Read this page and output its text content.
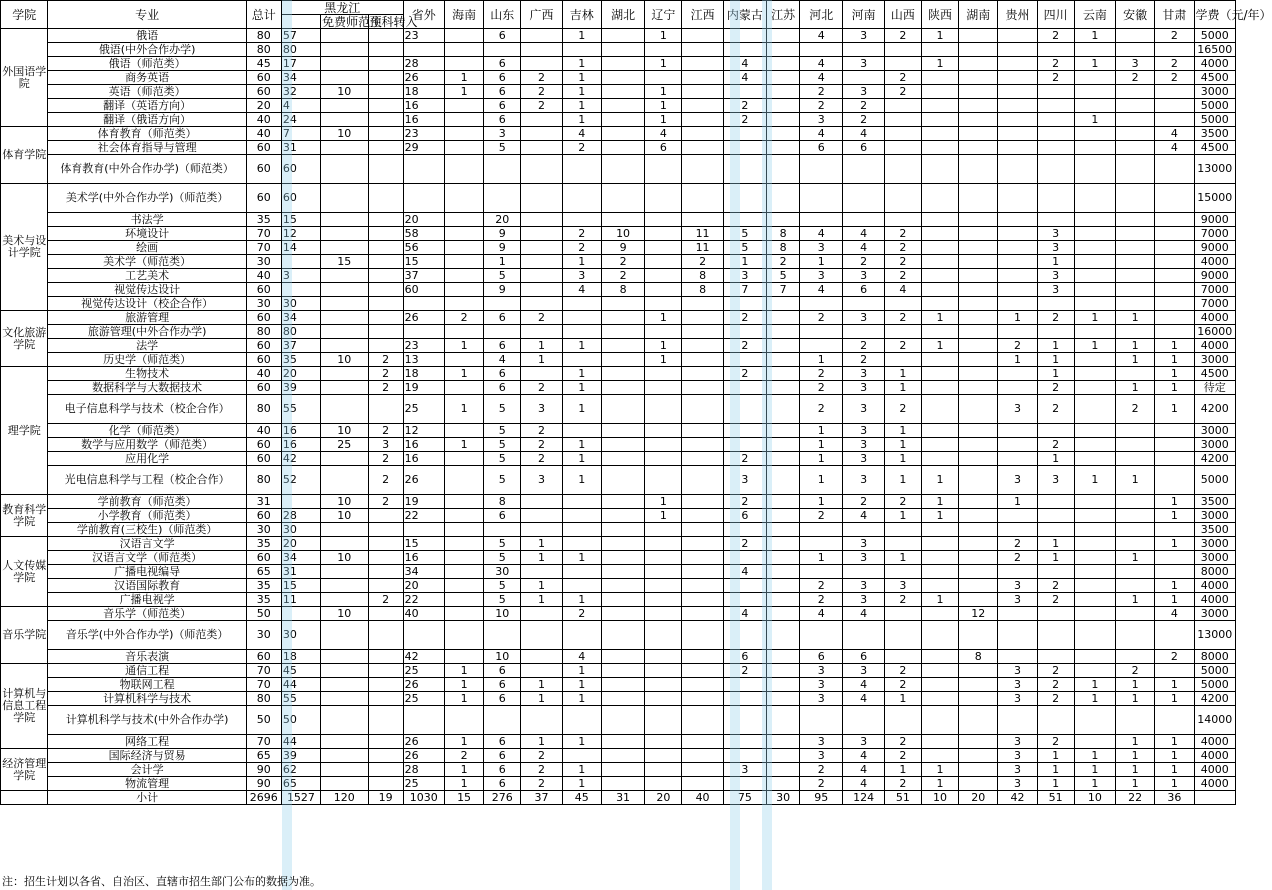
学院	专业	总计	黑龙江			省外	海南	山东	广西	吉林	湖北	辽宁	江西	内蒙古	江苏	河北	河南	山西	陕西	湖南	贵州	四川	云南	安徽	甘肃	学费（元/年）
				免费师范生	预科转入																					
外国语学院	俄语	80	57			23		6		1		1				4	3	2	1			2	1		2	5000
	俄语(中外合作办学)	80	80																							16500
	俄语（师范类）	45	17			28		6		1		1		4		4	3		1			2	1	3	2	4000
	商务英语	60	34			26	1	6	2	1				4		4		2				2		2	2	4500
	英语（师范类）	60	32	10		18	1	6	2	1		1				2	3	2								3000
	翻译（英语方向）	20	4			16		6	2	1		1		2		2	2									5000
	翻译（俄语方向）	40	24			16		6		1		1		2		3	2						1			5000
体育学院	体育教育（师范类）	40	7	10		23		3		4		4				4	4								4	3500
	社会体育指导与管理	60	31			29		5		2		6				6	6								4	4500
	体育教育(中外合作办学)（师范类）	60	60																							13000
美术与设计学院	美术学(中外合作办学)（师范类）	60	60																							15000
	书法学	35	15			20		20																		9000
	环境设计	70	12			58		9		2	10		11	5	8	4	4	2				3				7000
	绘画	70	14			56		9		2	9		11	5	8	3	4	2				3				9000
	美术学（师范类）	30		15		15		1		1	2		2	1	2	1	2	2				1				4000
	工艺美术	40	3			37		5		3	2		8	3	5	3	3	2				3				9000
	视觉传达设计	60				60		9		4	8		8	7	7	4	6	4				3				7000
	视觉传达设计（校企合作）	30	30																							7000
文化旅游学院	旅游管理	60	34			26	2	6	2			1		2		2	3	2	1		1	2	1	1		4000
	旅游管理(中外合作办学)	80	80																							16000
	法学	60	37			23	1	6	1	1		1		2			2	2	1		2	1	1	1	1	4000
	历史学（师范类）	60	35	10	2	13		4	1			1				1	2				1	1		1	1	3000
理学院	生物技术	40	20		2	18	1	6		1				2		2	3	1				1			1	4500
	数据科学与大数据技术	60	39		2	19		6	2	1						2	3	1				2		1	1	待定
	电子信息科学与技术（校企合作）	80	55			25	1	5	3	1						2	3	2			3	2		2	1	4200
	化学（师范类）	40	16	10	2	12		5	2							1	3	1								3000
	数学与应用数学（师范类）	60	16	25	3	16	1	5	2	1						1	3	1				2				3000
	应用化学	60	42		2	16		5	2	1				2		1	3	1				1				4200
	光电信息科学与工程（校企合作）	80	52		2	26		5	3	1				3		1	3	1	1		3	3	1	1		5000
教育科学学院	学前教育（师范类）	31		10	2	19		8				1		2		1	2	2	1		1				1	3500
	小学教育（师范类）	60	28	10		22		6				1		6		2	4	1	1						1	3000
	学前教育(三校生)（师范类）	30	30																							3500
人文传媒学院	汉语言文学	35	20			15		5	1					2			3				2	1			1	3000
	汉语言文学（师范类）	60	34	10		16		5	1	1						1	3	1			2	1		1		3000
	广播电视编导	65	31			34		30						4												8000
	汉语国际教育	35	15			20		5	1							2	3	3			3	2			1	4000
	广播电视学	35	11		2	22		5	1	1						2	3	2	1		3	2		1	1	4000
音乐学院	音乐学（师范类）	50		10		40		10		2				4		4	4			12					4	3000
	音乐学(中外合作办学)（师范类）	30	30																							13000
	音乐表演	60	18			42		10		4				6		6	6			8					2	8000
计算机与信息工程学院	通信工程	70	45			25	1	6		1				2		3	3	2			3	2		2		5000
	物联网工程	70	44			26	1	6	1	1						3	4	2			3	2	1	1	1	5000
	计算机科学与技术	80	55			25	1	6	1	1						3	4	1			3	2	1	1	1	4200
	计算机科学与技术(中外合作办学)	50	50																							14000
	网络工程	70	44			26	1	6	1	1						3	3	2			3	2		1	1	4000
经济管理学院	国际经济与贸易	65	39			26	2	6	2							3	4	2			3	1	1	1	1	4000
	会计学	90	62			28	1	6	2	1				3		2	4	1	1		3	1	1	1	1	4000
	物流管理	90	65			25	1	6	2	1						2	4	2	1		3	1	1	1	1	4000
	小计	2696	1527	120	19	1030	15	276	37	45	31	20	40	75	30	95	124	51	10	20	42	51	10	22	36	
注：招生计划以各省、自治区、直辖市招生部门公布的数据为准。
